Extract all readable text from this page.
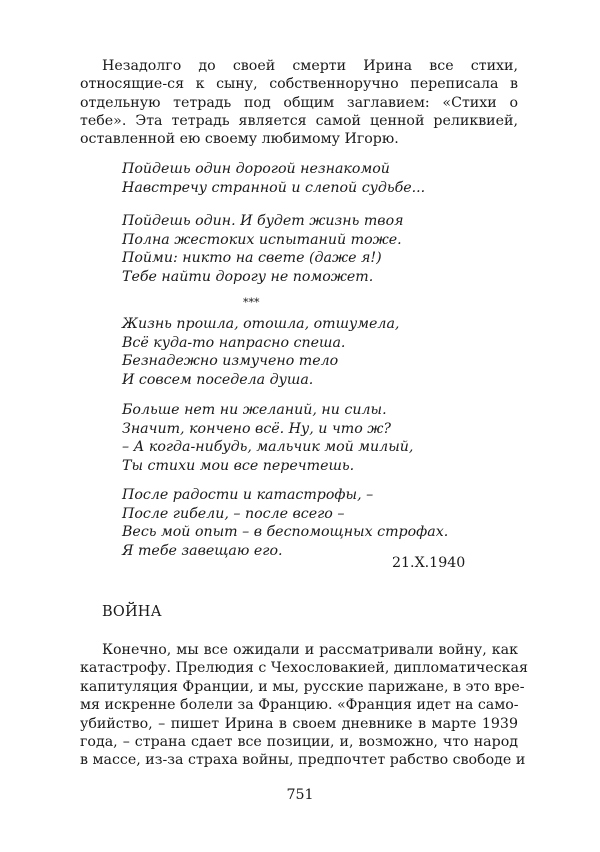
Незадолго до своей смерти Ирина все стихи, относящие-ся к сыну, собственноручно переписала в отдельную тетрадь под общим заглавием: «Стихи о тебе». Эта тетрадь является самой ценной реликвией, оставленной ею своему любимому Игорю.

Пойдешь один дорогой незнакомой
Навстречу странной и слепой судьбе...
Пойдешь один. И будет жизнь твоя
Полна жестоких испытаний тоже.
Пойми: никто на свете (даже я!)
Тебе найти дорогу не поможет.
***
Жизнь прошла, отошла, отшумела,
Всё куда-то напрасно спеша.
Безнадежно измучено тело
И совсем поседела душа.
Больше нет ни желаний, ни силы.
Значит, кончено всё. Ну, и что ж?
– А когда-нибудь, мальчик мой милый,
Ты стихи мои все перечтешь.
После радости и катастрофы, –
После гибели, – после всего –
Весь мой опыт – в беспомощных строфах.
Я тебе завещаю его.
21.X.1940
ВОЙНА
Конечно, мы все ожидали и рассматривали войну, как
катастрофу. Прелюдия с Чехословакией, дипломатическая
капитуляция Франции, и мы, русские парижане, в это вре-
мя искренне болели за Францию. «Франция идет на само-
убийство, – пишет Ирина в своем дневнике в марте 1939
года, – страна сдает все позиции, и, возможно, что народ
в массе, из-за страха войны, предпочтет рабство свободе и
751
